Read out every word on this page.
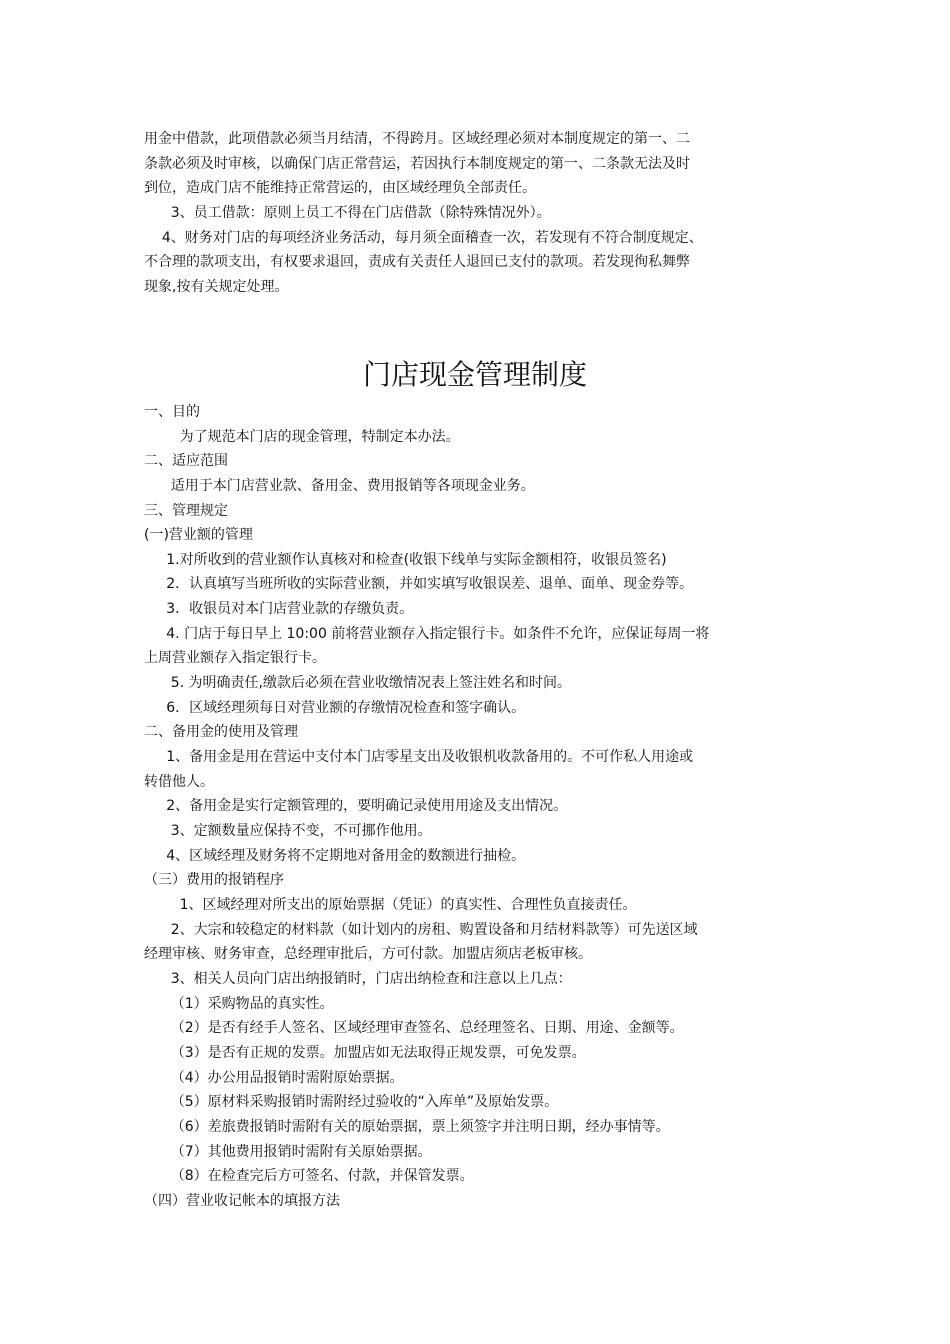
用金中借款，此项借款必须当月结清，不得跨月。区域经理必须对本制度规定的第一、二

条款必须及时审核，以确保门店正常营运，若因执行本制度规定的第一、二条款无法及时

到位，造成门店不能维持正常营运的，由区域经理负全部责任。

3、员工借款：原则上员工不得在门店借款（除特殊情况外）。

4、财务对门店的每项经济业务活动，每月须全面稽查一次，若发现有不符合制度规定、

不合理的款项支出，有权要求退回，责成有关责任人退回已支付的款项。若发现徇私舞弊

现象,按有关规定处理。

门店现金管理制度

一、目的

为了规范本门店的现金管理，特制定本办法。

二、适应范围

适用于本门店营业款、备用金、费用报销等各项现金业务。

三、管理规定

(一)营业额的管理

1.对所收到的营业额作认真核对和检查(收银下线单与实际金额相符，收银员签名)

2．认真填写当班所收的实际营业额，并如实填写收银误差、退单、面单、现金券等。

3．收银员对本门店营业款的存缴负责。

4. 门店于每日早上 10:00 前将营业额存入指定银行卡。如条件不允许，应保证每周一将

上周营业额存入指定银行卡。

5. 为明确责任,缴款后必须在营业收缴情况表上签注姓名和时间。

6．区域经理须每日对营业额的存缴情况检查和签字确认。

二、备用金的使用及管理

1、备用金是用在营运中支付本门店零星支出及收银机收款备用的。不可作私人用途或

转借他人。

2、备用金是实行定额管理的，要明确记录使用用途及支出情况。

3、定额数量应保持不变，不可挪作他用。

4、区域经理及财务将不定期地对备用金的数额进行抽检。

（三）费用的报销程序

1、区域经理对所支出的原始票据（凭证）的真实性、合理性负直接责任。

2、大宗和较稳定的材料款（如计划内的房租、购置设备和月结材料款等）可先送区域

经理审核、财务审查，总经理审批后，方可付款。加盟店须店老板审核。

3、相关人员向门店出纳报销时，门店出纳检查和注意以上几点：

（1）采购物品的真实性。

（2）是否有经手人签名、区域经理审查签名、总经理签名、日期、用途、金额等。

（3）是否有正规的发票。加盟店如无法取得正规发票，可免发票。

（4）办公用品报销时需附原始票据。

（5）原材料采购报销时需附经过验收的“入库单”及原始发票。

（6）差旅费报销时需附有关的原始票据，票上须签字并注明日期，经办事情等。

（7）其他费用报销时需附有关原始票据。

（8）在检查完后方可签名、付款，并保管发票。

（四）营业收记帐本的填报方法
